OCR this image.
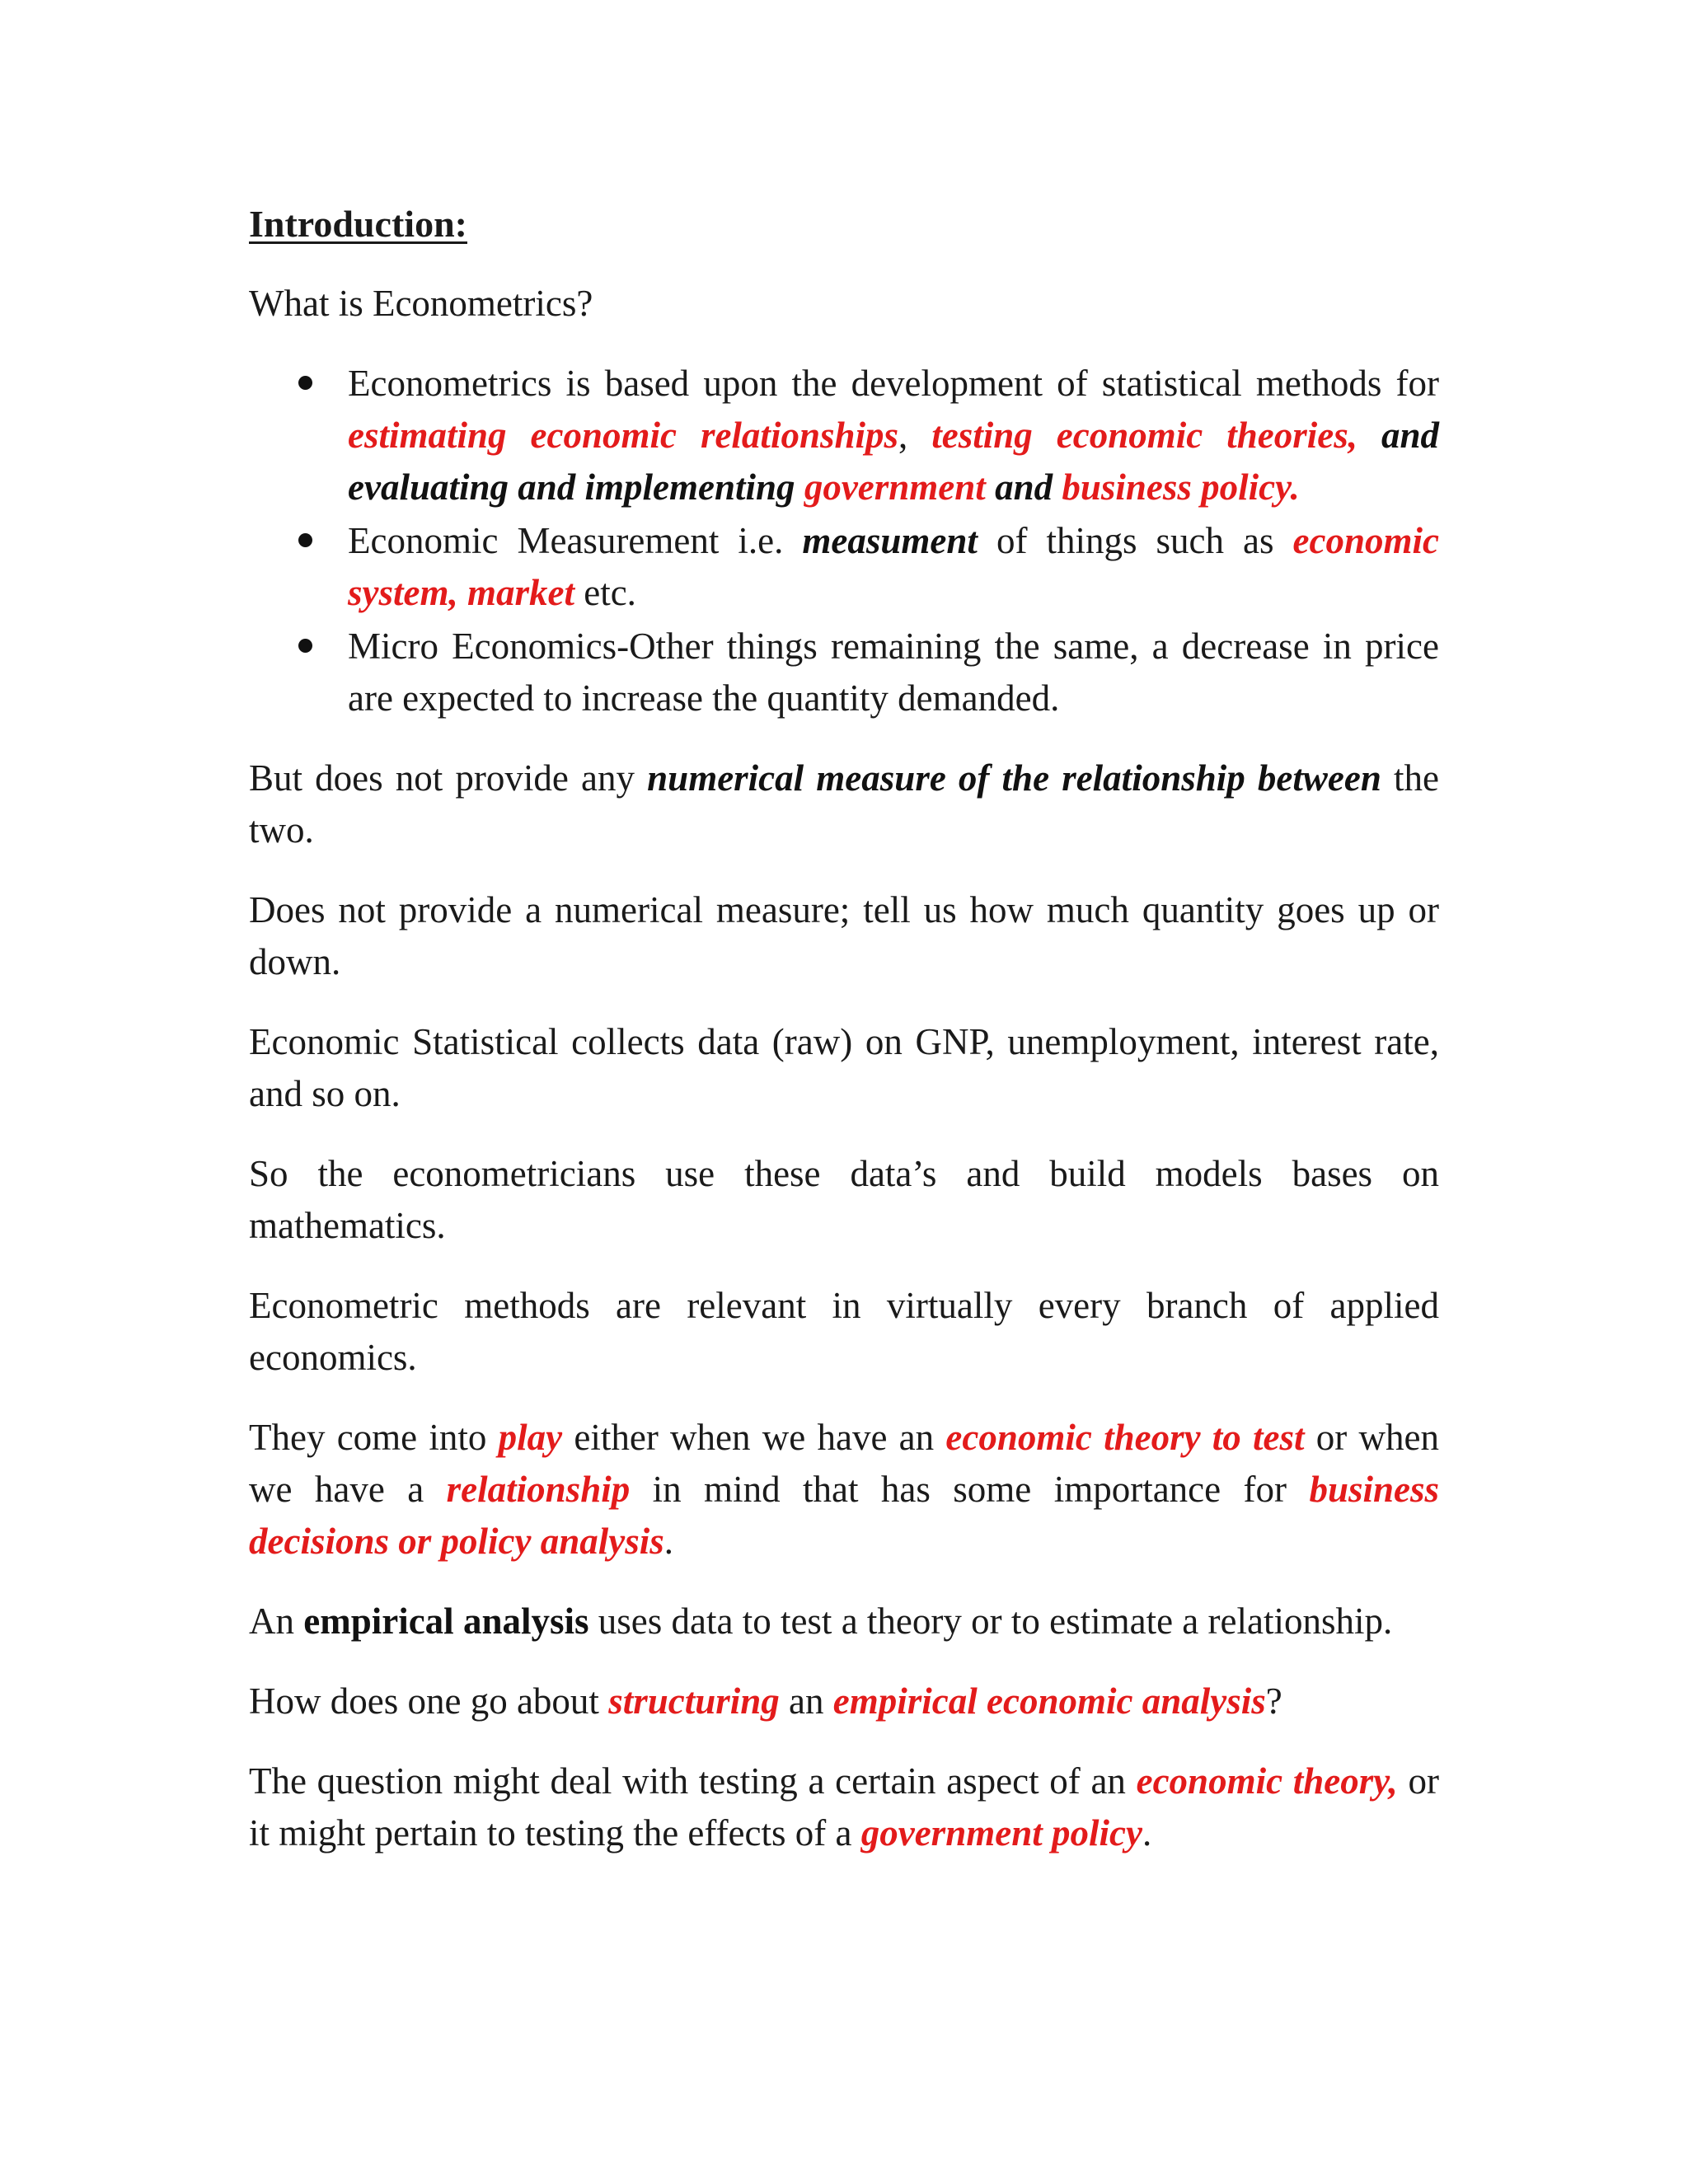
Introduction:

What is Econometrics?

Econometrics is based upon the development of statistical methods for estimating economic relationships, testing economic theories, and evaluating and implementing government and business policy.
Economic Measurement i.e. measument of things such as economic system, market etc.
Micro Economics-Other things remaining the same, a decrease in price are expected to increase the quantity demanded.

But does not provide any numerical measure of the relationship between the two.

Does not provide a numerical measure; tell us how much quantity goes up or down.

Economic Statistical collects data (raw) on GNP, unemployment, interest rate, and so on.

So the econometricians use these data’s and build models bases on mathematics.

Econometric methods are relevant in virtually every branch of applied economics.

They come into play either when we have an economic theory to test or when we have a relationship in mind that has some importance for business decisions or policy analysis.

An empirical analysis uses data to test a theory or to estimate a relationship.

How does one go about structuring an empirical economic analysis?

The question might deal with testing a certain aspect of an economic theory, or it might pertain to testing the effects of a government policy.
